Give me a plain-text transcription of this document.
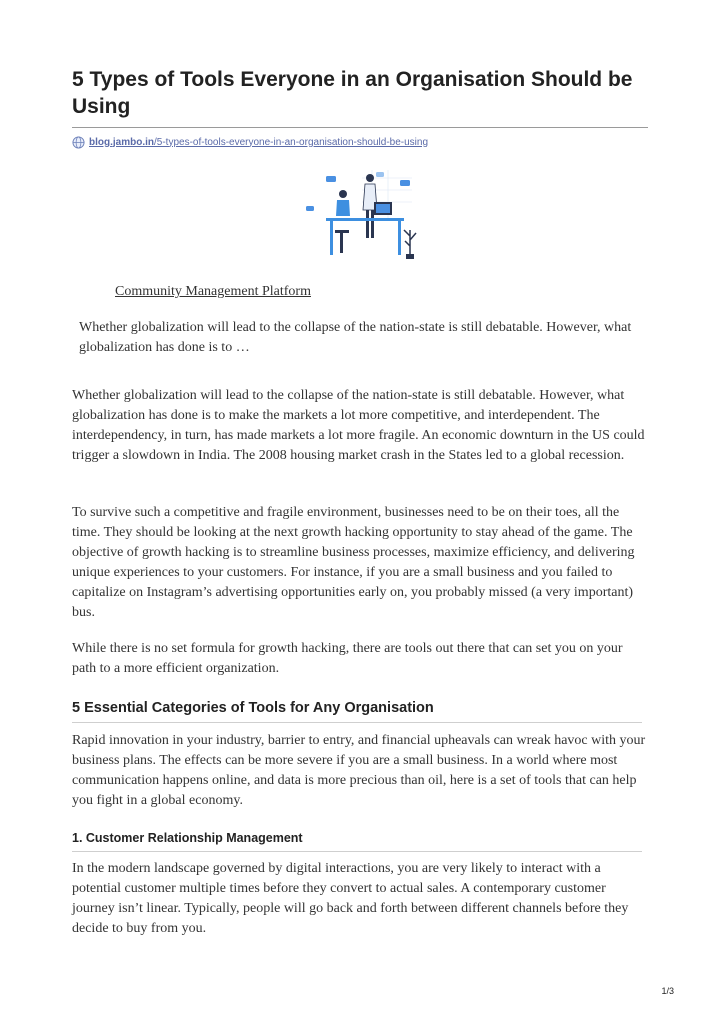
5 Types of Tools Everyone in an Organisation Should be Using
blog.jambo.in /5-types-of-tools-everyone-in-an-organisation-should-be-using
Community Management Platform

Whether globalization will lead to the collapse of the nation-state is still debatable. However, what globalization has done is to …

Whether globalization will lead to the collapse of the nation-state is still debatable. However, what globalization has done is to make the markets a lot more competitive, and interdependent. The interdependency, in turn, has made markets a lot more fragile. An economic downturn in the US could trigger a slowdown in India. The 2008 housing market crash in the States led to a global recession.

To survive such a competitive and fragile environment, businesses need to be on their toes, all the time. They should be looking at the next growth hacking opportunity to stay ahead of the game. The objective of growth hacking is to streamline business processes, maximize efficiency, and delivering unique experiences to your customers. For instance, if you are a small business and you failed to capitalize on Instagram’s advertising opportunities early on, you probably missed (a very important) bus.

While there is no set formula for growth hacking, there are tools out there that can set you on your path to a more efficient organization.

5 Essential Categories of Tools for Any Organisation

Rapid innovation in your industry, barrier to entry, and financial upheavals can wreak havoc with your business plans. The effects can be more severe if you are a small business. In a world where most communication happens online, and data is more precious than oil, here is a set of tools that can help you fight in a global economy.

1. Customer Relationship Management

In the modern landscape governed by digital interactions, you are very likely to interact with a potential customer multiple times before they convert to actual sales. A contemporary customer journey isn’t linear. Typically, people will go back and forth between different channels before they decide to buy from you.

1/3
